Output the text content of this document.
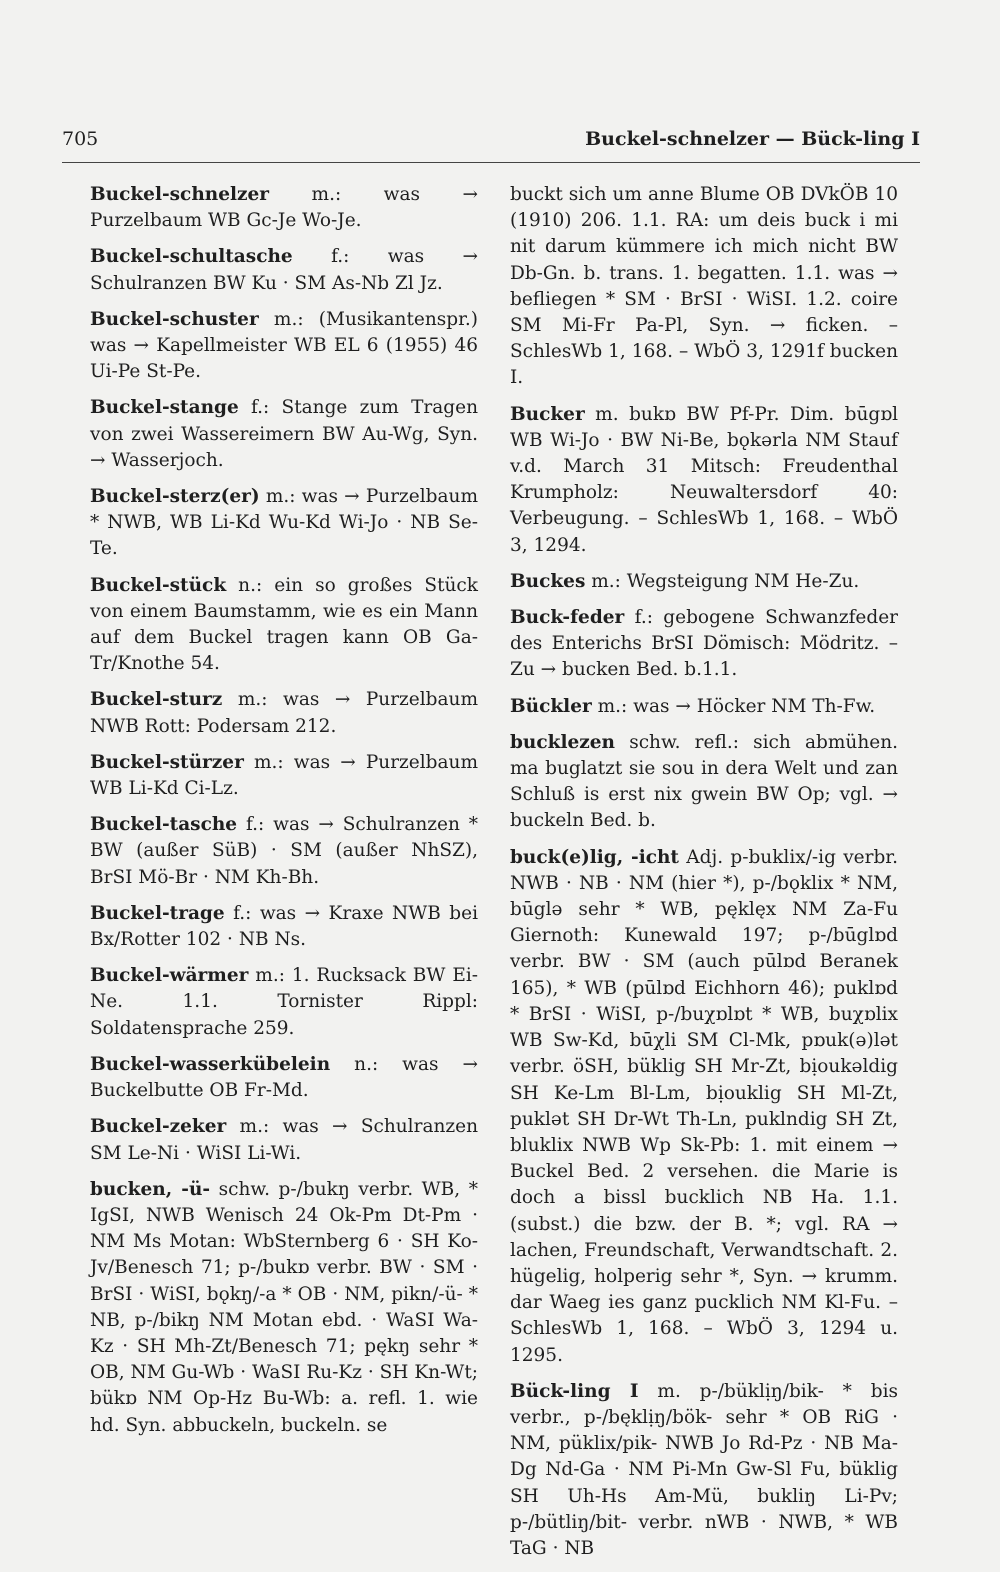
705	Buckel-schnelzer — Bück-ling I

Buckel-schnelzer m.: was → Purzelbaum WB Gc-Je Wo-Je.

Buckel-schultasche f.: was → Schulranzen BW Ku · SM As-Nb Zl Jz.

Buckel-schuster m.: (Musikantenspr.) was → Kapellmeister WB EL 6 (1955) 46 Ui-Pe St-Pe.

Buckel-stange f.: Stange zum Tragen von zwei Wassereimern BW Au-Wg, Syn. → Wasserjoch.

Buckel-sterz(er) m.: was → Purzelbaum * NWB, WB Li-Kd Wu-Kd Wi-Jo · NB Se-Te.

Buckel-stück n.: ein so großes Stück von einem Baumstamm, wie es ein Mann auf dem Buckel tragen kann OB Ga-Tr/Knothe 54.

Buckel-sturz m.: was → Purzelbaum NWB Rott: Podersam 212.

Buckel-stürzer m.: was → Purzelbaum WB Li-Kd Ci-Lz.

Buckel-tasche f.: was → Schulranzen * BW (außer SüB) · SM (außer NhSZ), BrSI Mö-Br · NM Kh-Bh.

Buckel-trage f.: was → Kraxe NWB bei Bx/Rotter 102 · NB Ns.

Buckel-wärmer m.: 1. Rucksack BW Ei-Ne. 1.1. Tornister Rippl: Soldatensprache 259.

Buckel-wasserkübelein n.: was → Buckelbutte OB Fr-Md.

Buckel-zeker m.: was → Schulranzen SM Le-Ni · WiSI Li-Wi.

bucken, -ü- schw. p-/bukŋ verbr. WB, * IgSI, NWB Wenisch 24 Ok-Pm Dt-Pm · NM Ms Motan: WbSternberg 6 · SH Ko-Jv/Benesch 71; p-/bukɒ verbr. BW · SM · BrSI · WiSI, bǫkŋ/-a * OB · NM, pikn/-ü- * NB, p-/bikŋ NM Motan ebd. · WaSI Wa-Kz · SH Mh-Zt/Benesch 71; pękŋ sehr * OB, NM Gu-Wb · WaSI Ru-Kz · SH Kn-Wt; bükɒ NM Op-Hz Bu-Wb: a. refl. 1. wie hd. Syn. abbuckeln, buckeln. se

buckt sich um anne Blume OB DVkÖB 10 (1910) 206. 1.1. RA: um deis buck i mi nit darum kümmere ich mich nicht BW Db-Gn. b. trans. 1. begatten. 1.1. was → befliegen * SM · BrSI · WiSI. 1.2. coire SM Mi-Fr Pa-Pl, Syn. → ficken. – SchlesWb 1, 168. – WbÖ 3, 1291f bucken I.

Bucker m. bukɒ BW Pf-Pr. Dim. būgɒl WB Wi-Jo · BW Ni-Be, bǫkərla NM Stauf v.d. March 31 Mitsch: Freudenthal Krumpholz: Neuwaltersdorf 40: Verbeugung. – SchlesWb 1, 168. – WbÖ 3, 1294.

Buckes m.: Wegsteigung NM He-Zu.

Buck-feder f.: gebogene Schwanzfeder des Enterichs BrSI Dömisch: Mödritz. – Zu → bucken Bed. b.1.1.

Bückler m.: was → Höcker NM Th-Fw.

bucklezen schw. refl.: sich abmühen. ma buglatzt sie sou in dera Welt und zan Schluß is erst nix gwein BW Op; vgl. → buckeln Bed. b.

buck(e)lig, -icht Adj. p-buklix/-ig verbr. NWB · NB · NM (hier *), p-/bǫklix * NM, būglə sehr * WB, pęklęx NM Za-Fu Giernoth: Kunewald 197; p-/būglɒd verbr. BW · SM (auch pūlɒd Beranek 165), * WB (pūlɒd Eichhorn 46); puklɒd * BrSI · WiSI, p-/buχɒlɒt * WB, buχɒlix WB Sw-Kd, būχli SM Cl-Mk, pɒuk(ə)lət verbr. öSH, büklig SH Mr-Zt, bịoukəldig SH Ke-Lm Bl-Lm, bịouklig SH Ml-Zt, puklət SH Dr-Wt Th-Ln, puklndig SH Zt, bluklix NWB Wp Sk-Pb: 1. mit einem → Buckel Bed. 2 versehen. die Marie is doch a bissl bucklich NB Ha. 1.1. (subst.) die bzw. der B. *; vgl. RA → lachen, Freundschaft, Verwandtschaft. 2. hügelig, holperig sehr *, Syn. → krumm. dar Waeg ies ganz pucklich NM Kl-Fu. – SchlesWb 1, 168. – WbÖ 3, 1294 u. 1295.

Bück-ling I m. p-/büklịŋ/bik- * bis verbr., p-/bęklịŋ/bök- sehr * OB RiG · NM, püklix/pik- NWB Jo Rd-Pz · NB Ma-Dg Nd-Ga · NM Pi-Mn Gw-Sl Fu, büklig SH Uh-Hs Am-Mü, bukliŋ Li-Pv; p-/bütliŋ/bit- verbr. nWB · NWB, * WB TaG · NB
